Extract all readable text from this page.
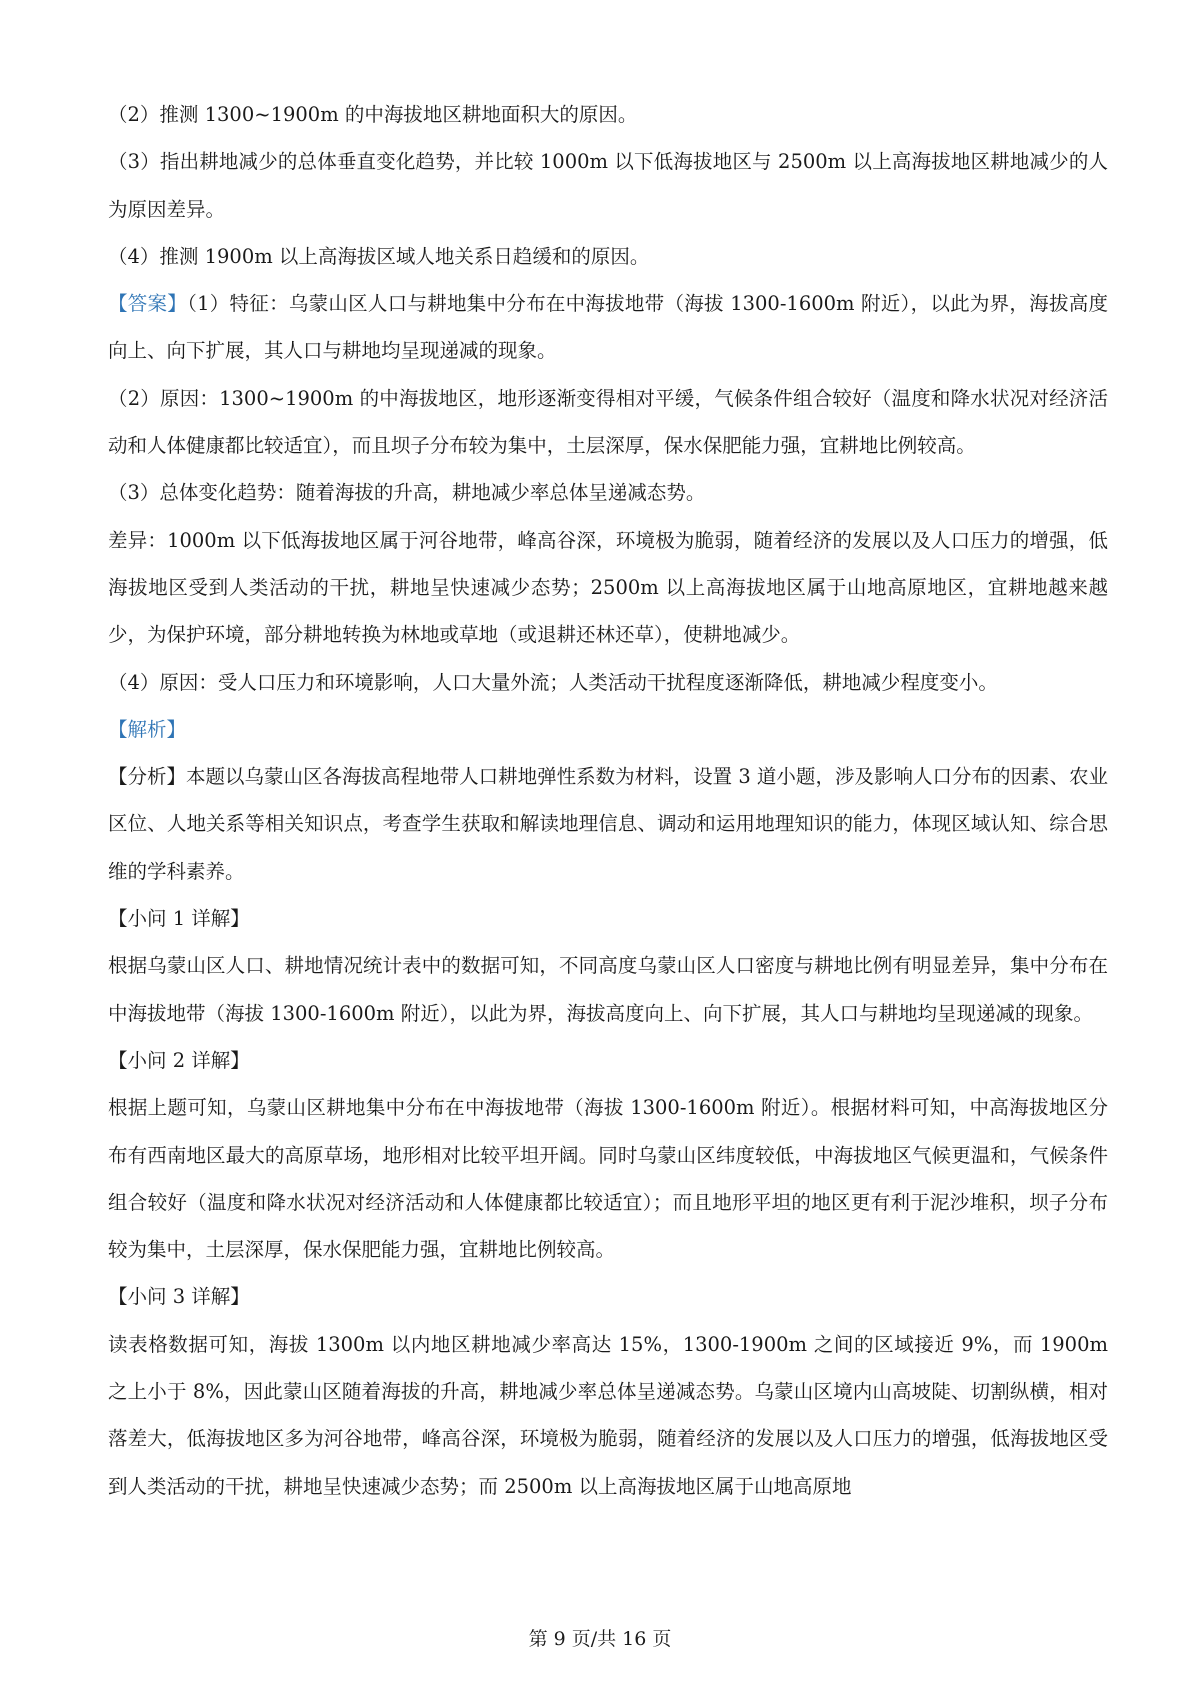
（2）推测 1300~1900m 的中海拔地区耕地面积大的原因。

（3）指出耕地减少的总体垂直变化趋势，并比较 1000m 以下低海拔地区与 2500m 以上高海拔地区耕地减少的人为原因差异。

（4）推测 1900m 以上高海拔区域人地关系日趋缓和的原因。

【答案】（1）特征：乌蒙山区人口与耕地集中分布在中海拔地带（海拔 1300-1600m 附近），以此为界，海拔高度向上、向下扩展，其人口与耕地均呈现递减的现象。

（2）原因：1300~1900m 的中海拔地区，地形逐渐变得相对平缓，气候条件组合较好（温度和降水状况对经济活动和人体健康都比较适宜），而且坝子分布较为集中，土层深厚，保水保肥能力强，宜耕地比例较高。

（3）总体变化趋势：随着海拔的升高，耕地减少率总体呈递减态势。

差异：1000m 以下低海拔地区属于河谷地带，峰高谷深，环境极为脆弱，随着经济的发展以及人口压力的增强，低海拔地区受到人类活动的干扰，耕地呈快速减少态势；2500m 以上高海拔地区属于山地高原地区，宜耕地越来越少，为保护环境，部分耕地转换为林地或草地（或退耕还林还草），使耕地减少。

（4）原因：受人口压力和环境影响，人口大量外流；人类活动干扰程度逐渐降低，耕地减少程度变小。

【解析】

【分析】本题以乌蒙山区各海拔高程地带人口耕地弹性系数为材料，设置 3 道小题，涉及影响人口分布的因素、农业区位、人地关系等相关知识点，考查学生获取和解读地理信息、调动和运用地理知识的能力，体现区域认知、综合思维的学科素养。

【小问 1 详解】

根据乌蒙山区人口、耕地情况统计表中的数据可知，不同高度乌蒙山区人口密度与耕地比例有明显差异，集中分布在中海拔地带（海拔 1300-1600m 附近），以此为界，海拔高度向上、向下扩展，其人口与耕地均呈现递减的现象。

【小问 2 详解】

根据上题可知，乌蒙山区耕地集中分布在中海拔地带（海拔 1300-1600m 附近）。根据材料可知，中高海拔地区分布有西南地区最大的高原草场，地形相对比较平坦开阔。同时乌蒙山区纬度较低，中海拔地区气候更温和，气候条件组合较好（温度和降水状况对经济活动和人体健康都比较适宜）；而且地形平坦的地区更有利于泥沙堆积，坝子分布较为集中，土层深厚，保水保肥能力强，宜耕地比例较高。

【小问 3 详解】

读表格数据可知，海拔 1300m 以内地区耕地减少率高达 15%，1300-1900m 之间的区域接近 9%，而 1900m 之上小于 8%，因此蒙山区随着海拔的升高，耕地减少率总体呈递减态势。乌蒙山区境内山高坡陡、切割纵横，相对落差大，低海拔地区多为河谷地带，峰高谷深，环境极为脆弱，随着经济的发展以及人口压力的增强，低海拔地区受到人类活动的干扰，耕地呈快速减少态势；而 2500m 以上高海拔地区属于山地高原地

第 9 页/共 16 页
